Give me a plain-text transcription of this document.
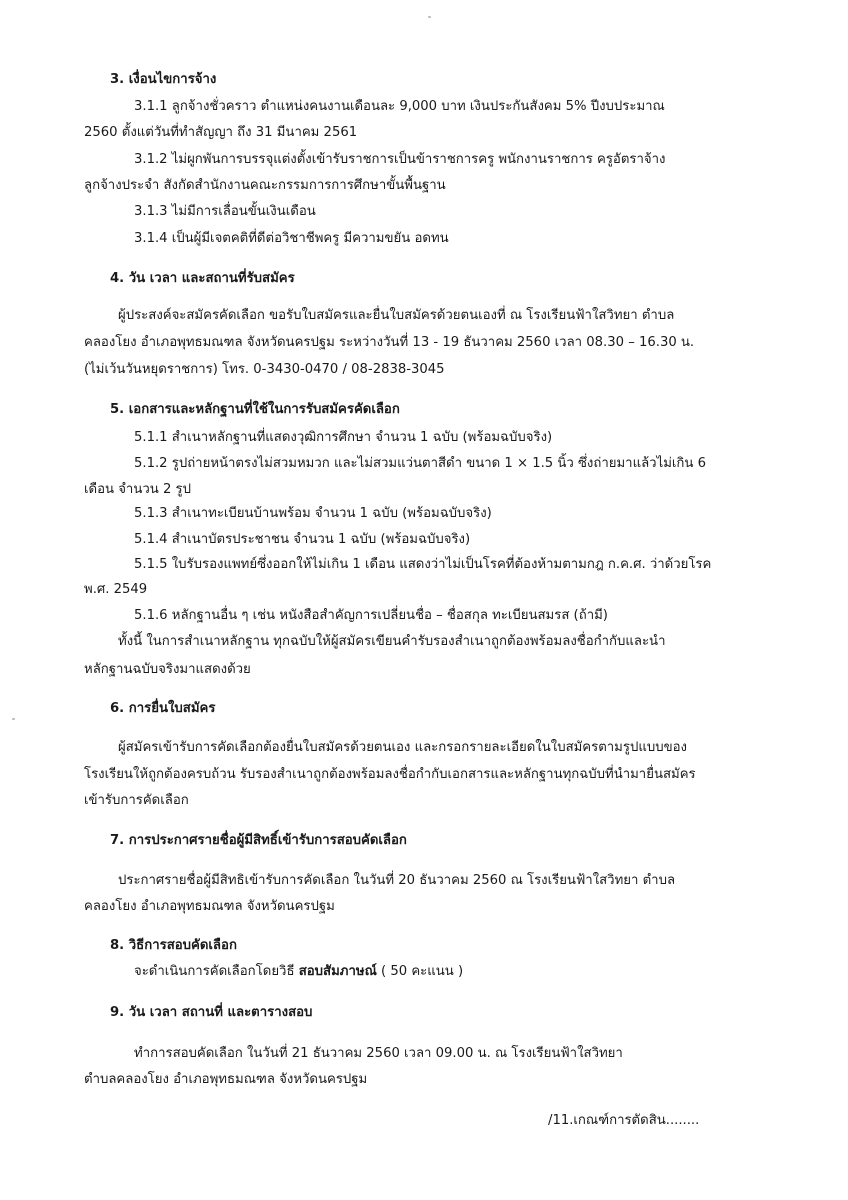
3. เงื่อนไขการจ้าง
3.1.1 ลูกจ้างชั่วคราว ตำแหน่งคนงานเดือนละ 9,000 บาท เงินประกันสังคม 5% ปีงบประมาณ
2560 ตั้งแต่วันที่ทำสัญญา ถึง 31 มีนาคม 2561
3.1.2 ไม่ผูกพันการบรรจุแต่งตั้งเข้ารับราชการเป็นข้าราชการครู พนักงานราชการ ครูอัตราจ้าง
ลูกจ้างประจำ สังกัดสำนักงานคณะกรรมการการศึกษาขั้นพื้นฐาน
3.1.3 ไม่มีการเลื่อนขั้นเงินเดือน
3.1.4 เป็นผู้มีเจตคติที่ดีต่อวิชาชีพครู มีความขยัน อดทน
4. วัน เวลา และสถานที่รับสมัคร
ผู้ประสงค์จะสมัครคัดเลือก ขอรับใบสมัครและยื่นใบสมัครด้วยตนเองที่ ณ โรงเรียนฟ้าใสวิทยา ตำบล
คลองโยง อำเภอพุทธมณฑล จังหวัดนครปฐม ระหว่างวันที่ 13 - 19 ธันวาคม 2560 เวลา 08.30 – 16.30 น.
(ไม่เว้นวันหยุดราชการ) โทร. 0-3430-0470 / 08-2838-3045
5. เอกสารและหลักฐานที่ใช้ในการรับสมัครคัดเลือก
5.1.1 สำเนาหลักฐานที่แสดงวุฒิการศึกษา จำนวน 1 ฉบับ (พร้อมฉบับจริง)
5.1.2 รูปถ่ายหน้าตรงไม่สวมหมวก และไม่สวมแว่นตาสีดำ ขนาด 1 × 1.5 นิ้ว ซึ่งถ่ายมาแล้วไม่เกิน 6
เดือน จำนวน 2 รูป
5.1.3 สำเนาทะเบียนบ้านพร้อม จำนวน 1 ฉบับ (พร้อมฉบับจริง)
5.1.4 สำเนาบัตรประชาชน จำนวน 1 ฉบับ (พร้อมฉบับจริง)
5.1.5 ใบรับรองแพทย์ซึ่งออกให้ไม่เกิน 1 เดือน แสดงว่าไม่เป็นโรคที่ต้องห้ามตามกฎ ก.ค.ศ. ว่าด้วยโรค
พ.ศ. 2549
5.1.6 หลักฐานอื่น ๆ เช่น หนังสือสำคัญการเปลี่ยนชื่อ – ชื่อสกุล ทะเบียนสมรส (ถ้ามี)
ทั้งนี้ ในการสำเนาหลักฐาน ทุกฉบับให้ผู้สมัครเขียนคำรับรองสำเนาถูกต้องพร้อมลงชื่อกำกับและนำ
หลักฐานฉบับจริงมาแสดงด้วย
6. การยื่นใบสมัคร
ผู้สมัครเข้ารับการคัดเลือกต้องยื่นใบสมัครด้วยตนเอง และกรอกรายละเอียดในใบสมัครตามรูปแบบของ
โรงเรียนให้ถูกต้องครบถ้วน รับรองสำเนาถูกต้องพร้อมลงชื่อกำกับเอกสารและหลักฐานทุกฉบับที่นำมายื่นสมัคร
เข้ารับการคัดเลือก
7. การประกาศรายชื่อผู้มีสิทธิ์เข้ารับการสอบคัดเลือก
ประกาศรายชื่อผู้มีสิทธิเข้ารับการคัดเลือก ในวันที่ 20 ธันวาคม 2560 ณ โรงเรียนฟ้าใสวิทยา ตำบล
คลองโยง อำเภอพุทธมณฑล จังหวัดนครปฐม
8. วิธีการสอบคัดเลือก
จะดำเนินการคัดเลือกโดยวิธี สอบสัมภาษณ์ ( 50 คะแนน )
9. วัน เวลา สถานที่ และตารางสอบ
ทำการสอบคัดเลือก ในวันที่ 21 ธันวาคม 2560 เวลา 09.00 น. ณ โรงเรียนฟ้าใสวิทยา
ตำบลคลองโยง อำเภอพุทธมณฑล จังหวัดนครปฐม
/11.เกณฑ์การตัดสิน........
